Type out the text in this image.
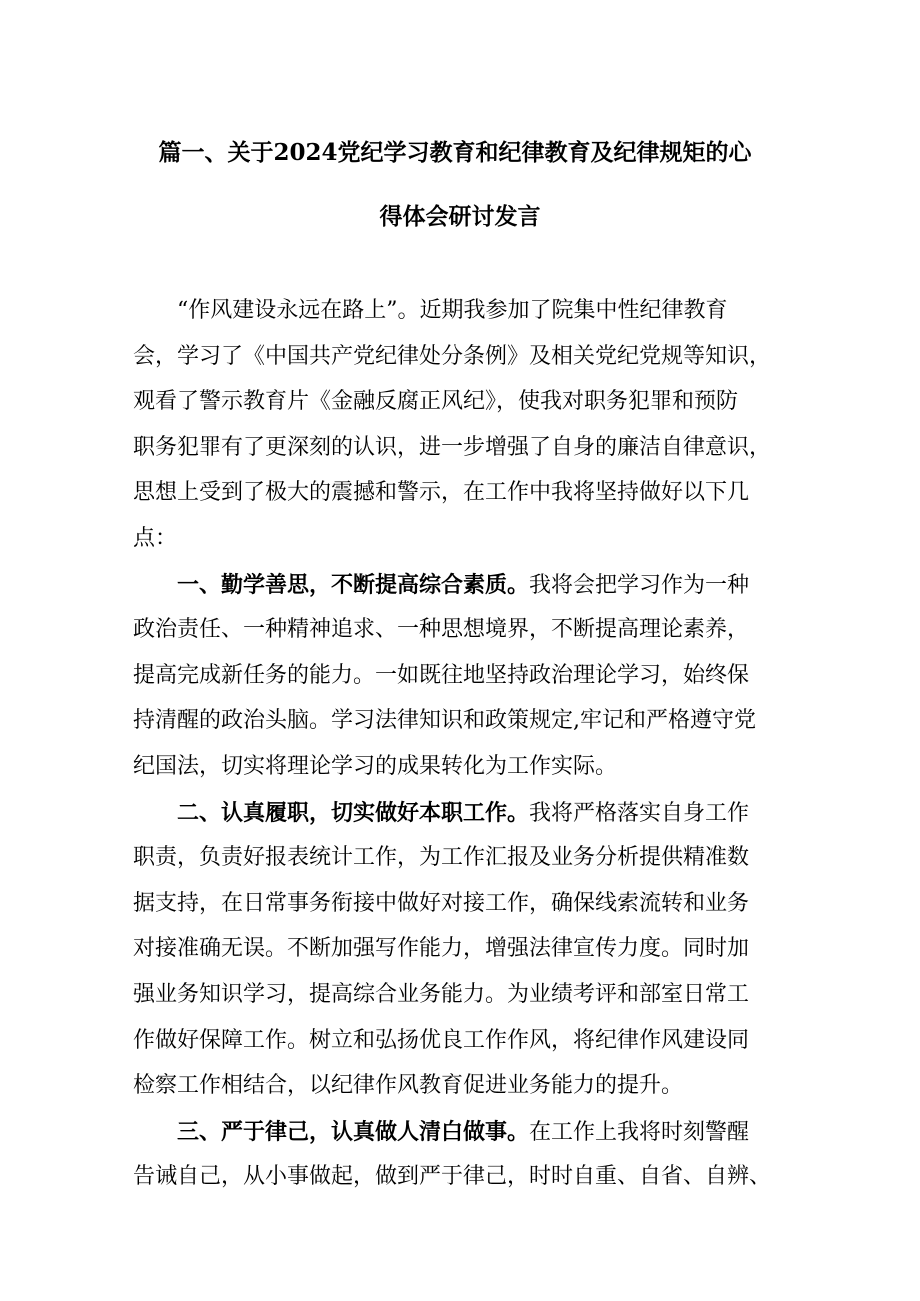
篇一、关于2024党纪学习教育和纪律教育及纪律规矩的心
得体会研讨发言
“作风建设永远在路上”。近期我参加了院集中性纪律教育
会，学习了《中国共产党纪律处分条例》及相关党纪党规等知识，
观看了警示教育片《金融反腐正风纪》，使我对职务犯罪和预防
职务犯罪有了更深刻的认识，进一步增强了自身的廉洁自律意识，
思想上受到了极大的震撼和警示，在工作中我将坚持做好以下几
点：
一、勤学善思，不断提高综合素质。我将会把学习作为一种
政治责任、一种精神追求、一种思想境界，不断提高理论素养，
提高完成新任务的能力。一如既往地坚持政治理论学习，始终保
持清醒的政治头脑。学习法律知识和政策规定,牢记和严格遵守党
纪国法，切实将理论学习的成果转化为工作实际。
二、认真履职，切实做好本职工作。我将严格落实自身工作
职责，负责好报表统计工作，为工作汇报及业务分析提供精准数
据支持，在日常事务衔接中做好对接工作，确保线索流转和业务
对接准确无误。不断加强写作能力，增强法律宣传力度。同时加
强业务知识学习，提高综合业务能力。为业绩考评和部室日常工
作做好保障工作。树立和弘扬优良工作作风，将纪律作风建设同
检察工作相结合，以纪律作风教育促进业务能力的提升。
三、严于律己，认真做人清白做事。在工作上我将时刻警醒
告诫自己，从小事做起，做到严于律己，时时自重、自省、自辨、
